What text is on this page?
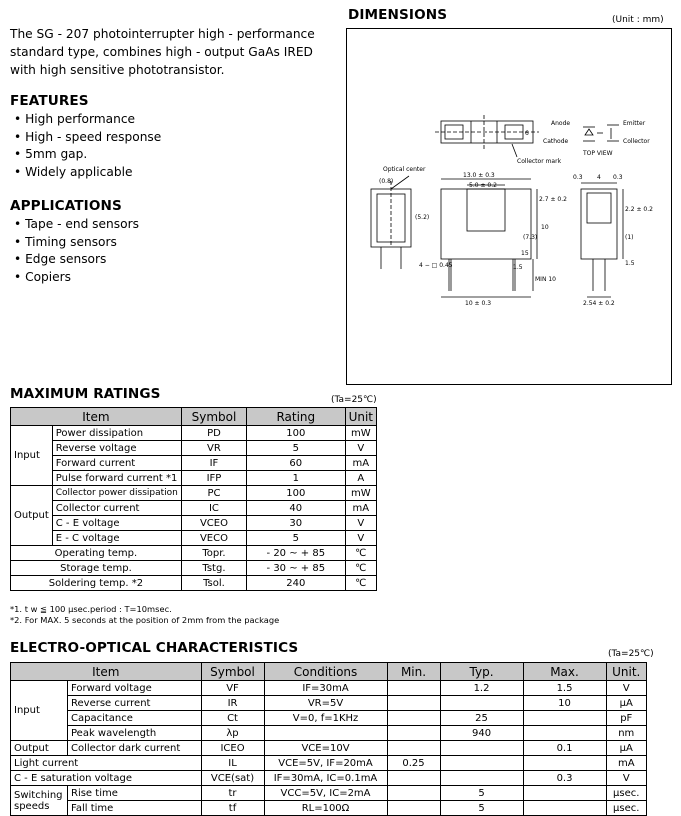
The SG - 207 photointerrupter high - performance standard type, combines high - output GaAs IRED with high sensitive phototransistor.
FEATURES
• High performance
• High - speed response
• 5mm gap.
• Widely applicable
APPLICATIONS
• Tape - end sensors
• Timing sensors
• Edge sensors
• Copiers
DIMENSIONS	(Unit : mm)
Anode
Cathode
Emitter
Collector
TOP VIEW
Collector mark
Optical center
(0.8)
(5.2)
13.0 ± 0.3
5.0 ± 0.2
4 − □ 0.45
10 ± 0.3
2.7 ± 0.2
(7.3)
10
15
MIN 10
0.3 4 0.3
2.2 ± 0.2
(1)
1.5
2.54 ± 0.2
6
1.5
MAXIMUM RATINGS	(Ta=25℃)
Item		Symbol	Rating	Unit
Input	Power dissipation	PD	100	mW
	Reverse voltage	VR	5	V
	Forward current	IF	60	mA
	Pulse forward current *1	IFP	1	A
Output	Collector power dissipation	PC	100	mW
	Collector current	IC	40	mA
	C - E voltage	VCEO	30	V
	E - C voltage	VECO	5	V
Operating temp.		Topr.	- 20 ~ + 85	℃
Storage temp.		Tstg.	- 30 ~ + 85	℃
Soldering temp. *2		Tsol.	240	℃
*1. t w ≦ 100 μsec.period : T=10msec.
*2. For MAX. 5 seconds at the position of 2mm from the package
ELECTRO-OPTICAL CHARACTERISTICS	(Ta=25℃)
Item		Symbol	Conditions	Min.	Typ.	Max.	Unit.
Input	Forward voltage	VF	IF=30mA		1.2	1.5	V
	Reverse current	IR	VR=5V			10	μA
	Capacitance	Ct	V=0, f=1KHz		25		pF
	Peak wavelength	λp			940		nm
Output	Collector dark current	ICEO	VCE=10V			0.1	μA
Light current		IL	VCE=5V, IF=20mA	0.25			mA
C - E saturation voltage		VCE(sat)	IF=30mA, IC=0.1mA			0.3	V
Switching speeds	Rise time	tr	VCC=5V, IC=2mA		5		μsec.
	Fall time	tf	RL=100Ω		5		μsec.
